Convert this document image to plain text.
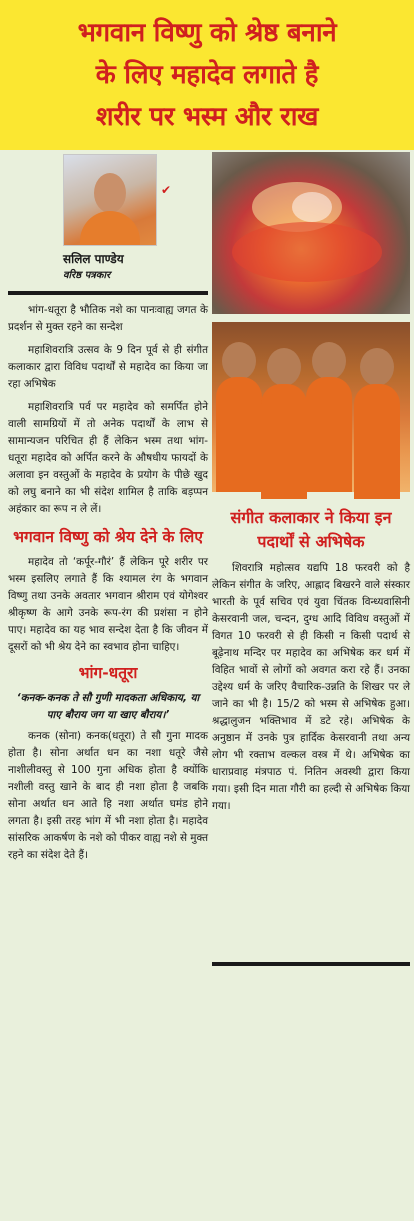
भगवान विष्णु को श्रेष्ठ बनाने
के लिए महादेव लगाते है
शरीर पर भस्म और राख
✔
सलिल पाण्डेय
वरिष्ठ पत्रकार

भांग-धतूरा है भौतिक नशे का पानःवाह्य जगत के प्रदर्शन से मुक्त रहने का सन्देश

महाशिवरात्रि उत्सव के 9 दिन पूर्व से ही संगीत कलाकार द्वारा विविध पदार्थों से महादेव का किया जा रहा अभिषेक

महाशिवरात्रि पर्व पर महादेव को समर्पित होने वाली सामग्रियों में तो अनेक पदार्थों के लाभ से सामान्यजन परिचित ही हैं लेकिन भस्म तथा भांग-धतूरा महादेव को अर्पित करने के औषधीय फायदों के अलावा इन वस्तुओं के महादेव के प्रयोग के पीछे खुद को लघु बनाने का भी संदेश शामिल है ताकि बड़प्पन अहंकार का रूप न ले लें।

भगवान विष्णु को श्रेय देने के लिए

महादेव तो ‘कर्पूर-गौरं’ हैं लेकिन पूरे शरीर पर भस्म इसलिए लगाते हैं कि श्यामल रंग के भगवान विष्णु तथा उनके अवतार भगवान श्रीराम एवं योगेश्वर श्रीकृष्ण के आगे उनके रूप-रंग की प्रशंसा न होने पाए। महादेव का यह भाव सन्देश देता है कि जीवन में दूसरों को भी श्रेय देने का स्वभाव होना चाहिए।

भांग-धतूरा
‘कनक-कनक ते सौ गुणी मादकता अधिकाय, या पाए बौराय जग या खाए बौराय।’

कनक (सोना) कनक(धतूरा) ते सौ गुना मादक होता है। सोना अर्थात धन का नशा धतूरे जैसे नाशीलीवस्तु से 100 गुना अधिक होता है क्योंकि नशीली वस्तु खाने के बाद ही नशा होता है जबकि सोना अर्थात धन आते हि नशा अर्थात घमंड होने लगता है। इसी तरह भांग में भी नशा होता है। महादेव सांसरिक आकर्षण के नशे को पीकर वाह्य नशे से मुक्त रहने का संदेश देते हैं।

संगीत कलाकार ने किया इन पदार्थों से अभिषेक

शिवरात्रि महोत्सव यद्यपि 18 फरवरी को है लेकिन संगीत के जरिए, आह्लाद बिखरने वाले संस्कार भारती के पूर्व सचिव एवं युवा चिंतक विन्ध्यवासिनी केसरवानी जल, चन्दन, दुग्ध आदि विविध वस्तुओं में विगत 10 फरवरी से ही किसी न किसी पदार्थ से बूढ़ेनाथ मन्दिर पर महादेव का अभिषेक कर धर्म में विहित भावों से लोगों को अवगत करा रहे हैं। उनका उद्देश्य धर्म के जरिए वैचारिक-उन्नति के शिखर पर ले जाने का भी है। 15/2 को भस्म से अभिषेक हुआ। श्रद्धालुजन भक्तिभाव में डटे रहे। अभिषेक के अनुष्ठान में उनके पुत्र हार्दिक केसरवानी तथा अन्य लोग भी रक्ताभ वल्कल वस्त्र में थे। अभिषेक का धाराप्रवाह मंत्रपाठ पं. नितिन अवस्थी द्वारा किया गया। इसी दिन माता गौरी का हल्दी से अभिषेक किया गया।
